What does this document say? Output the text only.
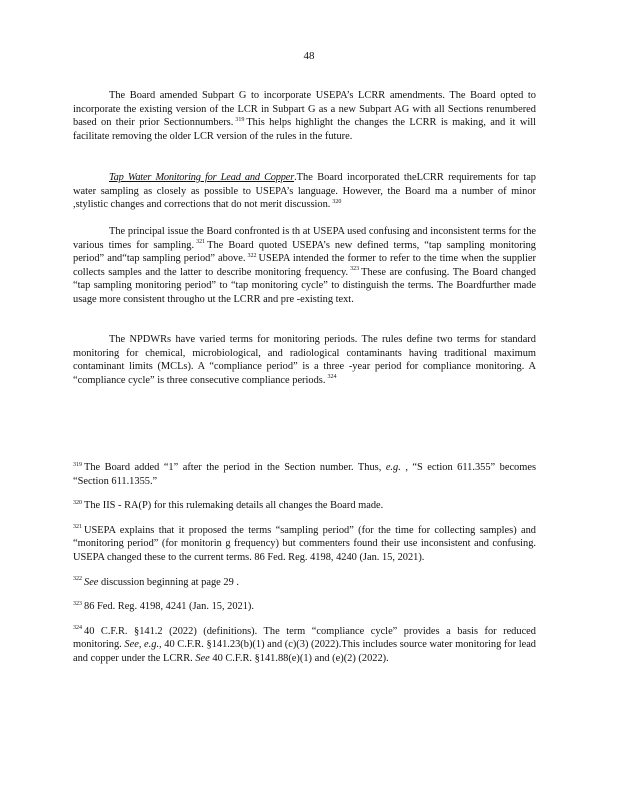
48

The Board amended Subpart G to incorporate USEPA’s LCRR amendments. The Board opted to incorporate the existing version of the LCR in Subpart G as a new Subpart AG with all Sections renumbered based on their prior Sectionnumbers. $^{319}$ This helps highlight the changes the LCRR is making, and it will facilitate removing the older LCR version of the rules in the future.

Tap Water Monitoring for Lead and Copper.The Board incorporated theLCRR requirements for tap water sampling as closely as possible to USEPA’s language. However, the Board ma a number of minor ,stylistic changes and corrections that do not merit discussion. $^{320}$

The principal issue the Board confronted is th at USEPA used confusing and inconsistent terms for the various times for sampling. $^{321}$ The Board quoted USEPA’s new defined terms, “tap sampling monitoring period” and“tap sampling period” above. $^{322}$ USEPA intended the former to refer to the time when the supplier collects samples and the latter to describe monitoring frequency. $^{323}$ These are confusing. The Board changed “tap sampling monitoring period” to “tap monitoring cycle” to distinguish the terms. The Boardfurther made usage more consistent througho ut the LCRR and pre -existing text.

The NPDWRs have varied terms for monitoring periods. The rules define two terms for standard monitoring for chemical, microbiological, and radiological contaminants having traditional maximum contaminant limits (MCLs). A “compliance period” is a three -year period for compliance monitoring. A “compliance cycle” is three consecutive compliance periods. $^{324}$

$^{319}$ The Board added “1” after the period in the Section number. Thus, e.g. , “S ection 611.355” becomes “Section 611.1355.”

$^{320}$ The IIS - RA(P) for this rulemaking details all changes the Board made.

$^{321}$ USEPA explains that it proposed the terms “sampling period” (for the time for collecting samples) and “monitoring period” (for monitorin g frequency) but commenters found their use inconsistent and confusing. USEPA changed these to the current terms. 86 Fed. Reg. 4198, 4240 (Jan. 15, 2021).

$^{322}$ See discussion beginning at page 29 .

$^{323}$ 86 Fed. Reg. 4198, 4241 (Jan. 15, 2021).

$^{324}$ 40 C.F.R. §141.2 (2022) (definitions). The term “compliance cycle” provides a basis for reduced monitoring. See, e.g., 40 C.F.R. §141.23(b)(1) and (c)(3) (2022).This includes source water monitoring for lead and copper under the LCRR. See 40 C.F.R. §141.88(e)(1) and (e)(2) (2022).
